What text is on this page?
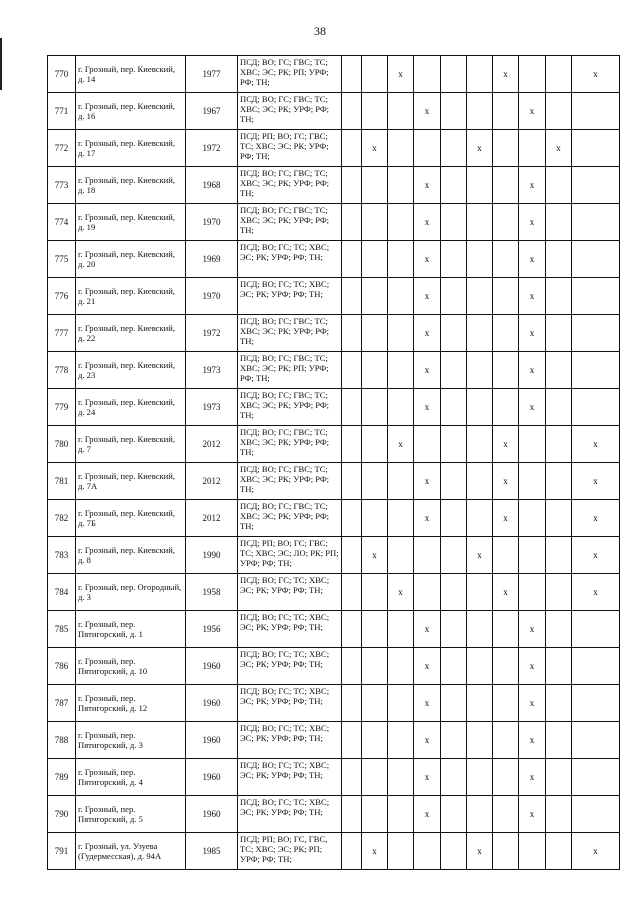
38
770	г. Грозный, пер. Киевский, д. 14	1977	ПСД; ВО; ГС; ГВС; ТС; ХВС; ЭС; РК; РП; УРФ; РФ; ТН;			x				x			x
771	г. Грозный, пер. Киевский, д. 16	1967	ПСД; ВО; ГС; ГВС; ТС; ХВС; ЭС; РК; УРФ; РФ; ТН;				x				x		
772	г. Грозный, пер. Киевский, д. 17	1972	ПСД; РП; ВО; ГС; ГВС; ТС; ХВС; ЭС; РК; УРФ; РФ; ТН;		x				x			x	
773	г. Грозный, пер. Киевский, д. 18	1968	ПСД; ВО; ГС; ГВС; ТС; ХВС; ЭС; РК; УРФ; РФ; ТН;				x				x		
774	г. Грозный, пер. Киевский, д. 19	1970	ПСД; ВО; ГС; ГВС; ТС; ХВС; ЭС; РК; УРФ; РФ; ТН;				x				x		
775	г. Грозный, пер. Киевский, д. 20	1969	ПСД; ВО; ГС; ТС; ХВС; ЭС; РК; УРФ; РФ; ТН;				x				x		
776	г. Грозный, пер. Киевский, д. 21	1970	ПСД; ВО; ГС; ТС; ХВС; ЭС; РК; УРФ; РФ; ТН;				x				x		
777	г. Грозный, пер. Киевский, д. 22	1972	ПСД; ВО; ГС; ГВС; ТС; ХВС; ЭС; РК; УРФ; РФ; ТН;				x				x		
778	г. Грозный, пер. Киевский, д. 23	1973	ПСД; ВО; ГС; ГВС; ТС; ХВС; ЭС; РК; РП; УРФ; РФ; ТН;				x				x		
779	г. Грозный, пер. Киевский, д. 24	1973	ПСД; ВО; ГС; ГВС; ТС; ХВС; ЭС; РК; УРФ; РФ; ТН;				x				x		
780	г. Грозный, пер. Киевский, д. 7	2012	ПСД; ВО; ГС; ГВС; ТС; ХВС; ЭС; РК; УРФ; РФ; ТН;			x				x			x
781	г. Грозный, пер. Киевский, д. 7А	2012	ПСД; ВО; ГС; ГВС; ТС; ХВС; ЭС; РК; УРФ; РФ; ТН;				x			x			x
782	г. Грозный, пер. Киевский, д. 7Б	2012	ПСД; ВО; ГС; ГВС; ТС; ХВС; ЭС; РК; УРФ; РФ; ТН;				x			x			x
783	г. Грозный, пер. Киевский, д. 8	1990	ПСД; РП; ВО; ГС; ГВС; ТС; ХВС; ЭС; ЛО; РК; РП; УРФ; РФ; ТН;		x				x				x
784	г. Грозный, пер. Огородный, д. 3	1958	ПСД; ВО; ГС; ТС; ХВС; ЭС; РК; УРФ; РФ; ТН;			x				x			x
785	г. Грозный, пер. Пятигорский, д. 1	1956	ПСД; ВО; ГС; ТС; ХВС; ЭС; РК; УРФ; РФ; ТН;				x				x		
786	г. Грозный, пер. Пятигорский, д. 10	1960	ПСД; ВО; ГС; ТС; ХВС; ЭС; РК; УРФ; РФ; ТН;				x				x		
787	г. Грозный, пер. Пятигорский, д. 12	1960	ПСД; ВО; ГС; ТС; ХВС; ЭС; РК; УРФ; РФ; ТН;				x				x		
788	г. Грозный, пер. Пятигорский, д. 3	1960	ПСД; ВО; ГС; ТС; ХВС; ЭС; РК; УРФ; РФ; ТН;				x				x		
789	г. Грозный, пер. Пятигорский, д. 4	1960	ПСД; ВО; ГС; ТС; ХВС; ЭС; РК; УРФ; РФ; ТН;				x				x		
790	г. Грозный, пер. Пятигорский, д. 5	1960	ПСД; ВО; ГС; ТС; ХВС; ЭС; РК; УРФ; РФ; ТН;				x				x		
791	г. Грозный, ул. Узуева (Гудермесская), д. 94А	1985	ПСД; РП; ВО; ГС, ГВС, ТС; ХВС; ЭС; РК; РП; УРФ; РФ; ТН;		x				x				x
